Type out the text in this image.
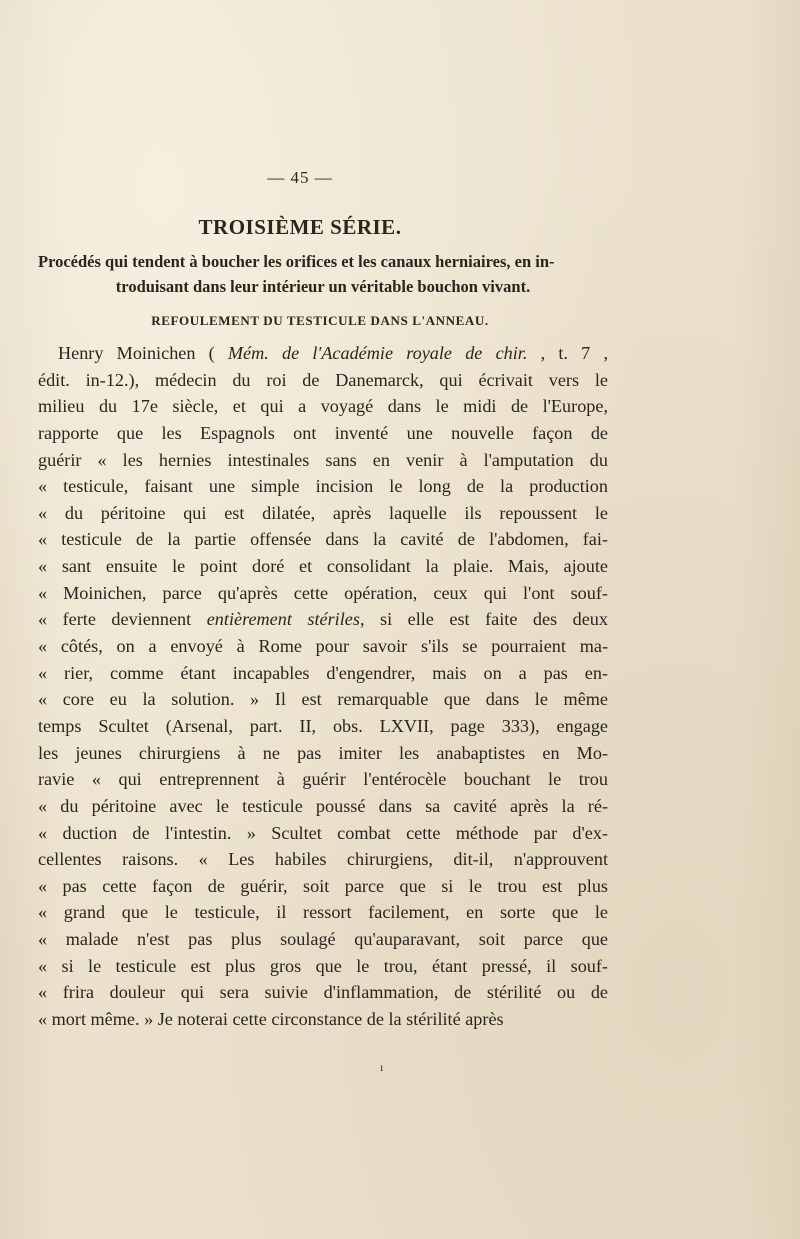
— 45 —
TROISIÈME SÉRIE.
Procédés qui tendent à boucher les orifices et les canaux herniaires, en in-
troduisant dans leur intérieur un véritable bouchon vivant.
REFOULEMENT DU TESTICULE DANS L'ANNEAU.
Henry Moinichen ( Mém. de l'Académie royale de chir. , t. 7 ,
édit. in-12.), médecin du roi de Danemarck, qui écrivait vers le
milieu du 17e siècle, et qui a voyagé dans le midi de l'Europe,
rapporte que les Espagnols ont inventé une nouvelle façon de
guérir « les hernies intestinales sans en venir à l'amputation du
« testicule, faisant une simple incision le long de la production
« du péritoine qui est dilatée, après laquelle ils repoussent le
« testicule de la partie offensée dans la cavité de l'abdomen, fai-
« sant ensuite le point doré et consolidant la plaie. Mais, ajoute
« Moinichen, parce qu'après cette opération, ceux qui l'ont souf-
« ferte deviennent entièrement stériles, si elle est faite des deux
« côtés, on a envoyé à Rome pour savoir s'ils se pourraient ma-
« rier, comme étant incapables d'engendrer, mais on a pas en-
« core eu la solution. » Il est remarquable que dans le même
temps Scultet (Arsenal, part. II, obs. LXVII, page 333), engage
les jeunes chirurgiens à ne pas imiter les anabaptistes en Mo-
ravie « qui entreprennent à guérir l'entérocèle bouchant le trou
« du péritoine avec le testicule poussé dans sa cavité après la ré-
« duction de l'intestin. » Scultet combat cette méthode par d'ex-
cellentes raisons. « Les habiles chirurgiens, dit-il, n'approuvent
« pas cette façon de guérir, soit parce que si le trou est plus
« grand que le testicule, il ressort facilement, en sorte que le
« malade n'est pas plus soulagé qu'auparavant, soit parce que
« si le testicule est plus gros que le trou, étant pressé, il souf-
« frira douleur qui sera suivie d'inflammation, de stérilité ou de
« mort même. » Je noterai cette circonstance de la stérilité après
ı
